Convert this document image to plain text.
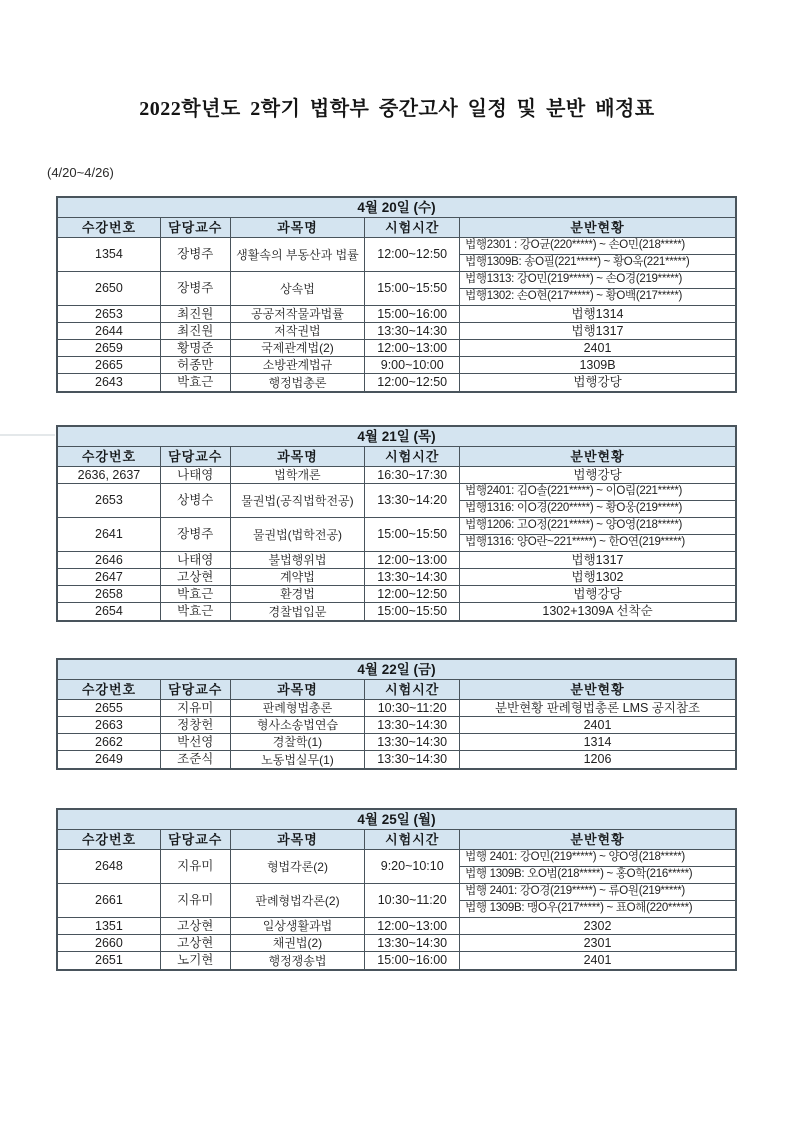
2022학년도 2학기 법학부 중간고사 일정 및 분반 배정표
(4/20~4/26)
4월 20일 (수)
수강번호	담당교수	과목명	시험시간	분반현황
1354	장병주	생활속의 부동산과 법률	12:00~12:50
법행2301 : 강O균(220*****) ~ 손O민(218*****)
법행1309B: 송O필(221*****) ~ 황O욱(221*****)
2650	장병주	상속법	15:00~15:50
법행1313: 강O민(219*****) ~ 손O경(219*****)
법행1302: 손O현(217*****) ~ 황O백(217*****)
2653	최진원	공공저작물과법률	15:00~16:00	법행1314
2644	최진원	저작권법	13:30~14:30	법행1317
2659	황명준	국제관계법(2)	12:00~13:00	2401
2665	허종만	소방관계법규	9:00~10:00	1309B
2643	박효근	행정법총론	12:00~12:50	법행강당
4월 21일 (목)
수강번호	담당교수	과목명	시험시간	분반현황
2636, 2637	나태영	법학개론	16:30~17:30	법행강당
2653	상병수	물권법(공직법학전공)	13:30~14:20
법행2401: 김O솔(221*****) ~ 이O림(221*****)
법행1316: 이O경(220*****) ~ 황O웅(219*****)
2641	장병주	물권법(법학전공)	15:00~15:50
법행1206: 고O정(221*****) ~ 양O영(218*****)
법행1316: 양O란~221*****) ~ 한O연(219*****)
2646	나태영	불법행위법	12:00~13:00	법행1317
2647	고상현	계약법	13:30~14:30	법행1302
2658	박효근	환경법	12:00~12:50	법행강당
2654	박효근	경찰법입문	15:00~15:50	1302+1309A 선착순
4월 22일 (금)
수강번호	담당교수	과목명	시험시간	분반현황
2655	지유미	판례형법총론	10:30~11:20	분반현황 판례형법총론 LMS 공지참조
2663	정창헌	형사소송법연습	13:30~14:30	2401
2662	박선영	경찰학(1)	13:30~14:30	1314
2649	조준식	노동법실무(1)	13:30~14:30	1206
4월 25일 (월)
수강번호	담당교수	과목명	시험시간	분반현황
2648	지유미	형법각론(2)	9:20~10:10
법행 2401: 강O민(219*****) ~ 양O영(218*****)
법행 1309B: 오O범(218*****) ~ 홍O학(216*****)
2661	지유미	판례형법각론(2)	10:30~11:20
법행 2401: 강O경(219*****) ~ 류O원(219*****)
법행 1309B: 맹O우(217*****) ~ 표O해(220*****)
1351	고상현	일상생활과법	12:00~13:00	2302
2660	고상현	채권법(2)	13:30~14:30	2301
2651	노기현	행정쟁송법	15:00~16:00	2401
